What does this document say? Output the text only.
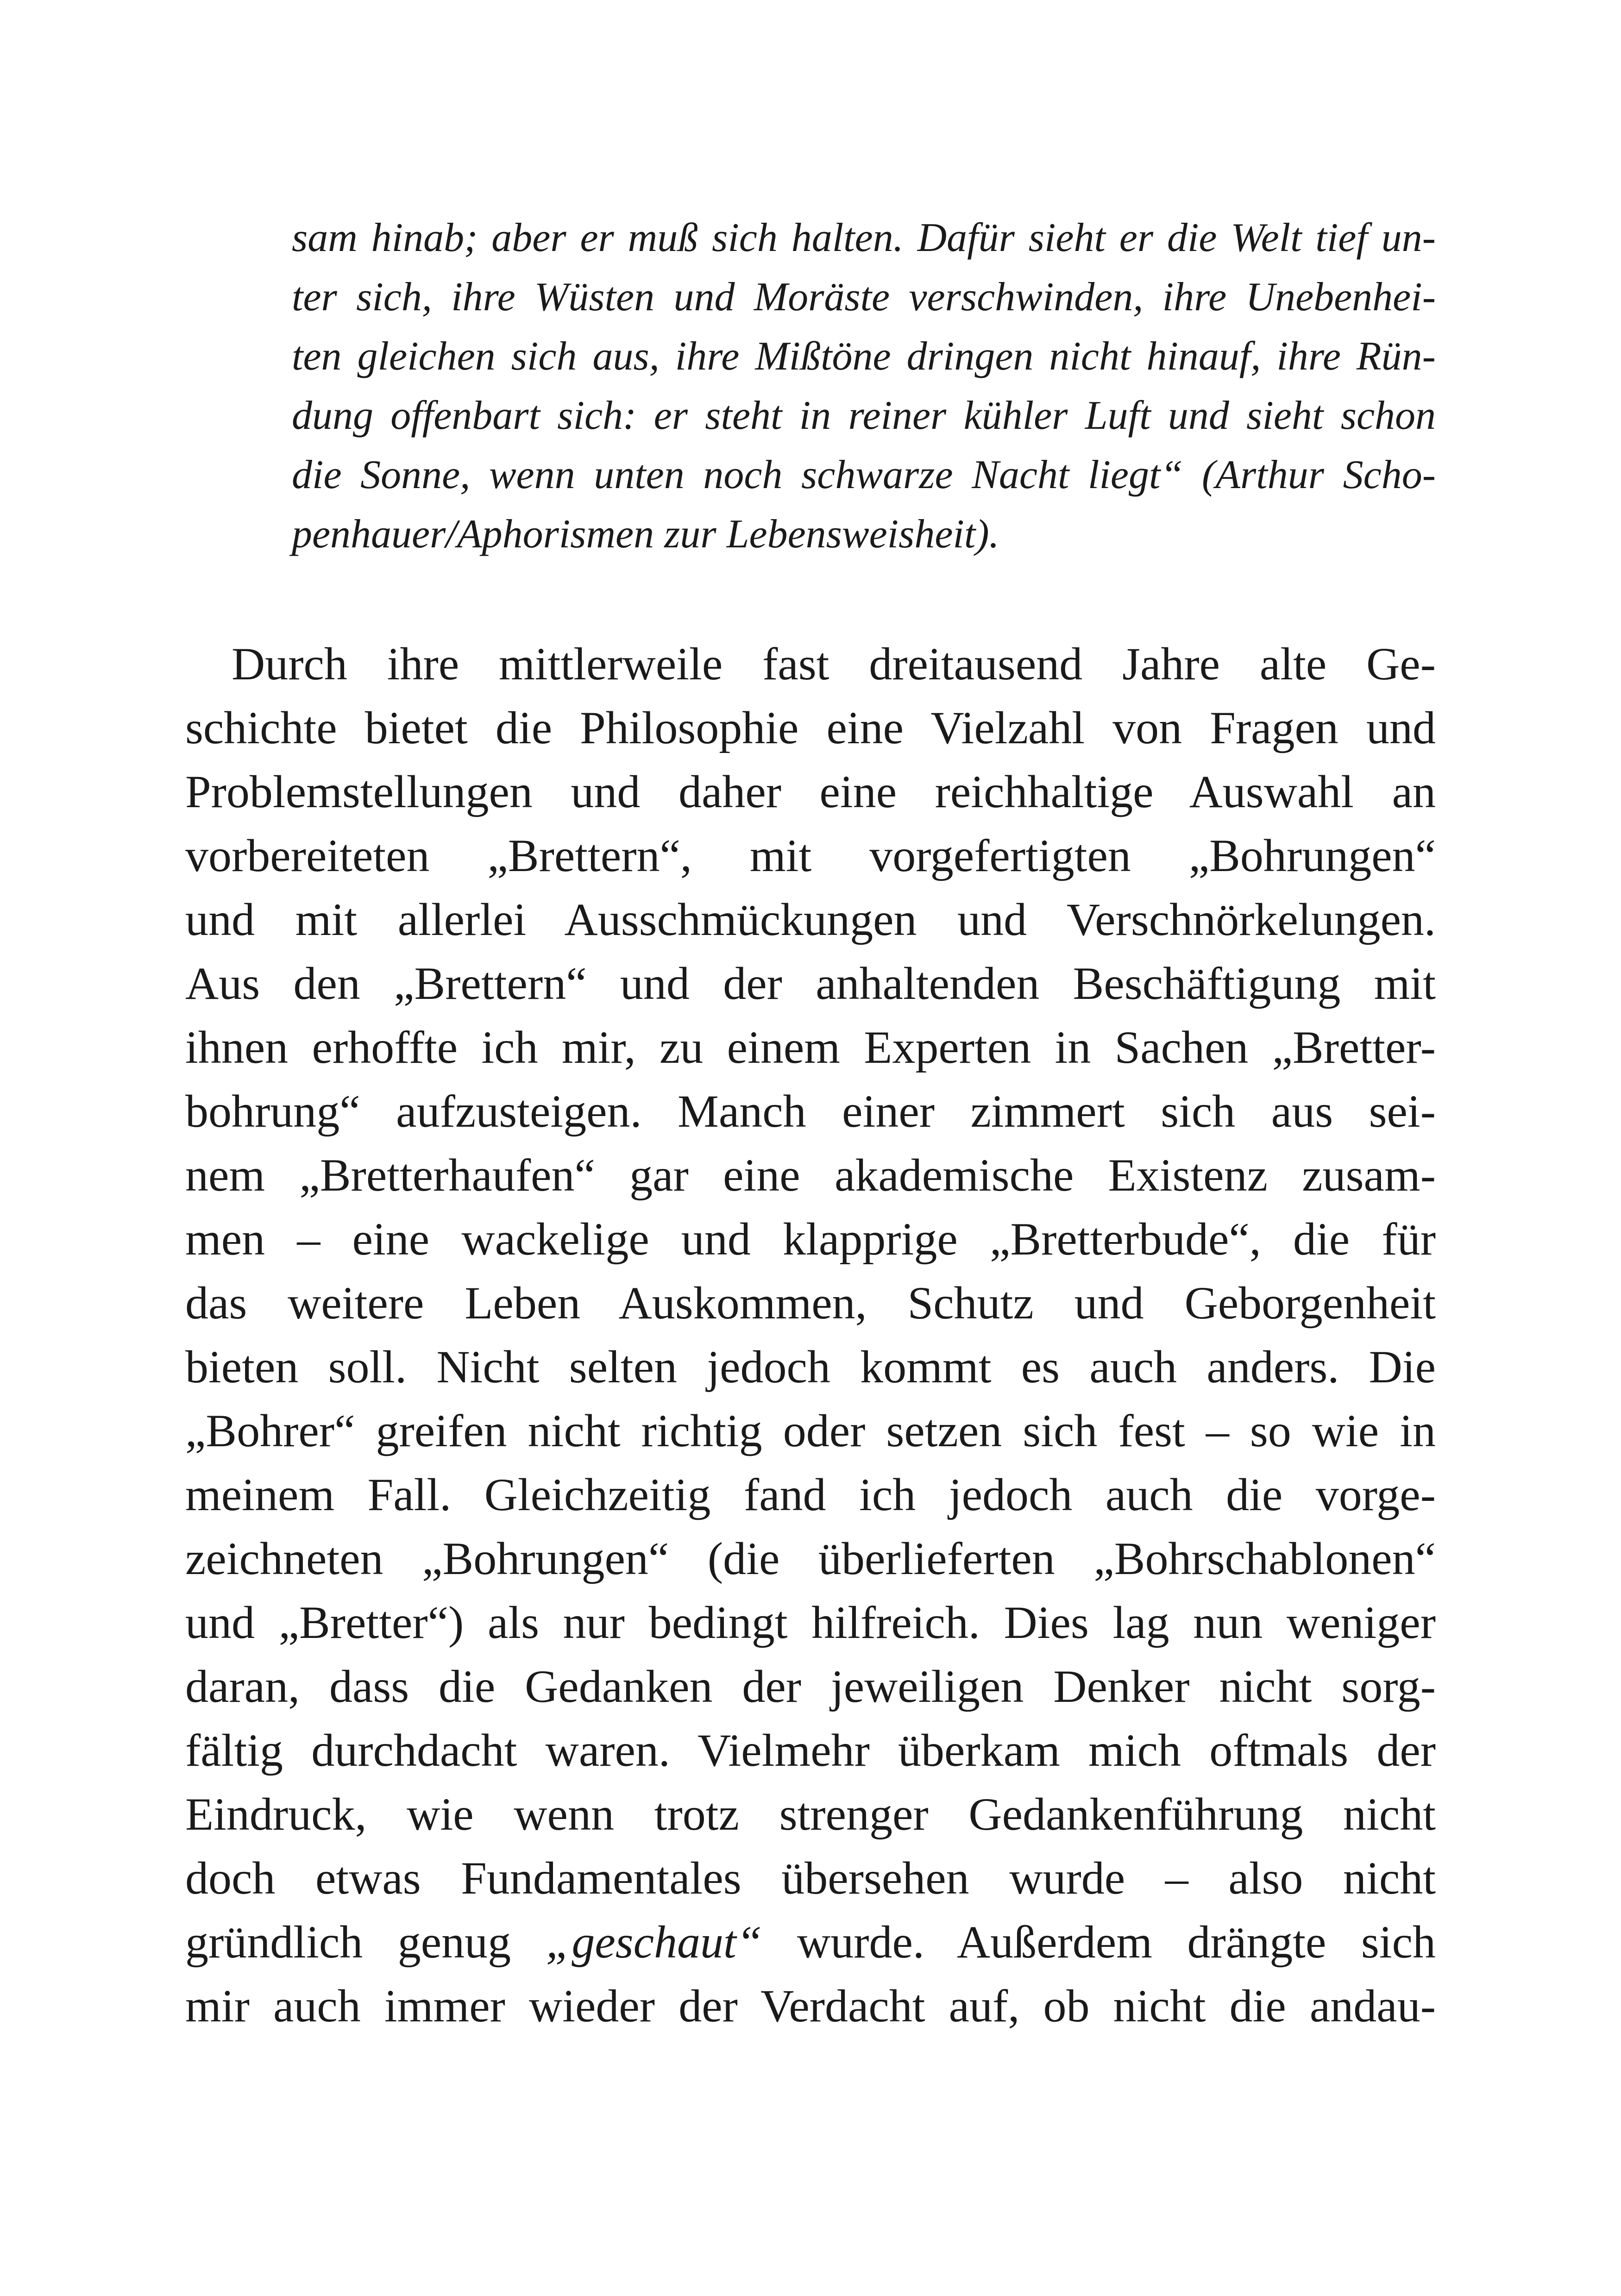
sam hinab; aber er muß sich halten. Dafür sieht er die Welt tief un-
ter sich, ihre Wüsten und Moräste verschwinden, ihre Unebenhei-
ten gleichen sich aus, ihre Mißtöne dringen nicht hinauf, ihre Rün-
dung offenbart sich: er steht in reiner kühler Luft und sieht schon
die Sonne, wenn unten noch schwarze Nacht liegt“ (Arthur Scho-
penhauer/Aphorismen zur Lebensweisheit).
Durch ihre mittlerweile fast dreitausend Jahre alte Ge-
schichte bietet die Philosophie eine Vielzahl von Fragen und
Problemstellungen und daher eine reichhaltige Auswahl an
vorbereiteten „Brettern“, mit vorgefertigten „Bohrungen“
und mit allerlei Ausschmückungen und Verschnörkelungen.
Aus den „Brettern“ und der anhaltenden Beschäftigung mit
ihnen erhoffte ich mir, zu einem Experten in Sachen „Bretter-
bohrung“ aufzusteigen. Manch einer zimmert sich aus sei-
nem „Bretterhaufen“ gar eine akademische Existenz zusam-
men – eine wackelige und klapprige „Bretterbude“, die für
das weitere Leben Auskommen, Schutz und Geborgenheit
bieten soll. Nicht selten jedoch kommt es auch anders. Die
„Bohrer“ greifen nicht richtig oder setzen sich fest – so wie in
meinem Fall. Gleichzeitig fand ich jedoch auch die vorge-
zeichneten „Bohrungen“ (die überlieferten „Bohrschablonen“
und „Bretter“) als nur bedingt hilfreich. Dies lag nun weniger
daran, dass die Gedanken der jeweiligen Denker nicht sorg-
fältig durchdacht waren. Vielmehr überkam mich oftmals der
Eindruck, wie wenn trotz strenger Gedankenführung nicht
doch etwas Fundamentales übersehen wurde – also nicht
gründlich genug „geschaut“ wurde. Außerdem drängte sich
mir auch immer wieder der Verdacht auf, ob nicht die andau-
